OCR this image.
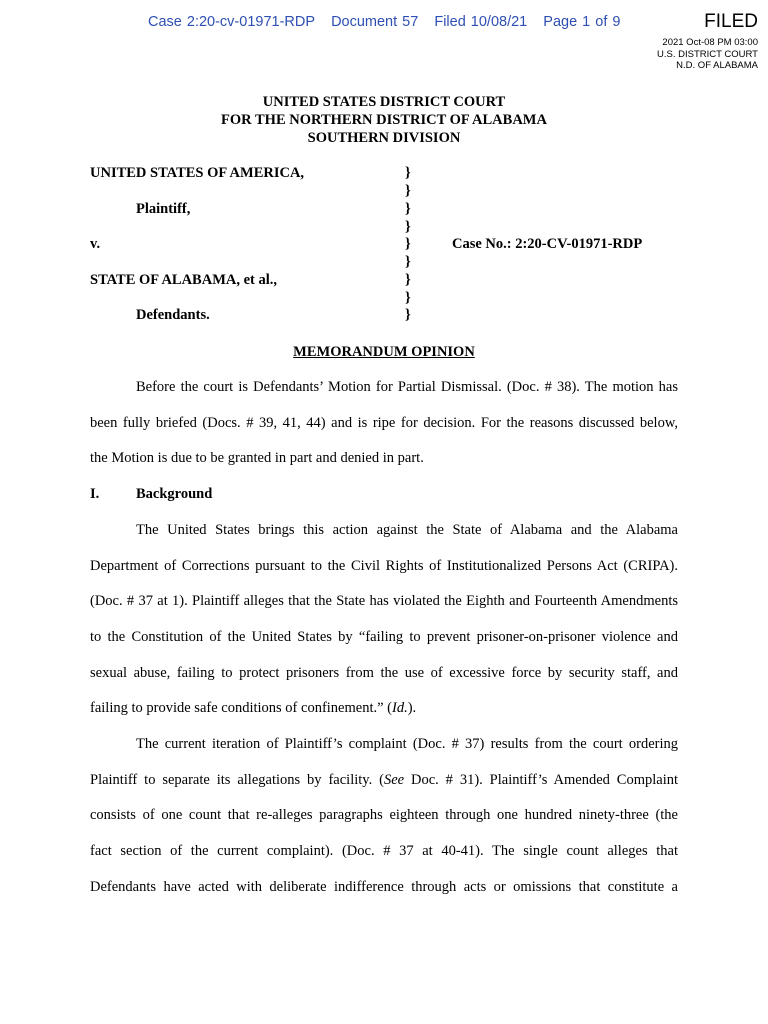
Case 2:20-cv-01971-RDP Document 57 Filed 10/08/21 Page 1 of 9	FILED
2021 Oct-08 PM 03:00
U.S. DISTRICT COURT
N.D. OF ALABAMA
UNITED STATES DISTRICT COURT
FOR THE NORTHERN DISTRICT OF ALABAMA
SOUTHERN DIVISION
UNITED STATES OF AMERICA,
Plaintiff,
v.
STATE OF ALABAMA, et al.,
Defendants.
}
}
}
}
}
}
}
}
}
Case No.: 2:20-CV-01971-RDP
MEMORANDUM OPINION
Before the court is Defendants’ Motion for Partial Dismissal. (Doc. # 38). The motion has
been fully briefed (Docs. # 39, 41, 44) and is ripe for decision. For the reasons discussed below,
the Motion is due to be granted in part and denied in part.
I.	Background
The United States brings this action against the State of Alabama and the Alabama
Department of Corrections pursuant to the Civil Rights of Institutionalized Persons Act (CRIPA).
(Doc. # 37 at 1). Plaintiff alleges that the State has violated the Eighth and Fourteenth Amendments
to the Constitution of the United States by “failing to prevent prisoner-on-prisoner violence and
sexual abuse, failing to protect prisoners from the use of excessive force by security staff, and
failing to provide safe conditions of confinement.” (Id.).
The current iteration of Plaintiff’s complaint (Doc. # 37) results from the court ordering
Plaintiff to separate its allegations by facility. (See Doc. # 31). Plaintiff’s Amended Complaint
consists of one count that re-alleges paragraphs eighteen through one hundred ninety-three (the
fact section of the current complaint). (Doc. # 37 at 40-41). The single count alleges that
Defendants have acted with deliberate indifference through acts or omissions that constitute a
